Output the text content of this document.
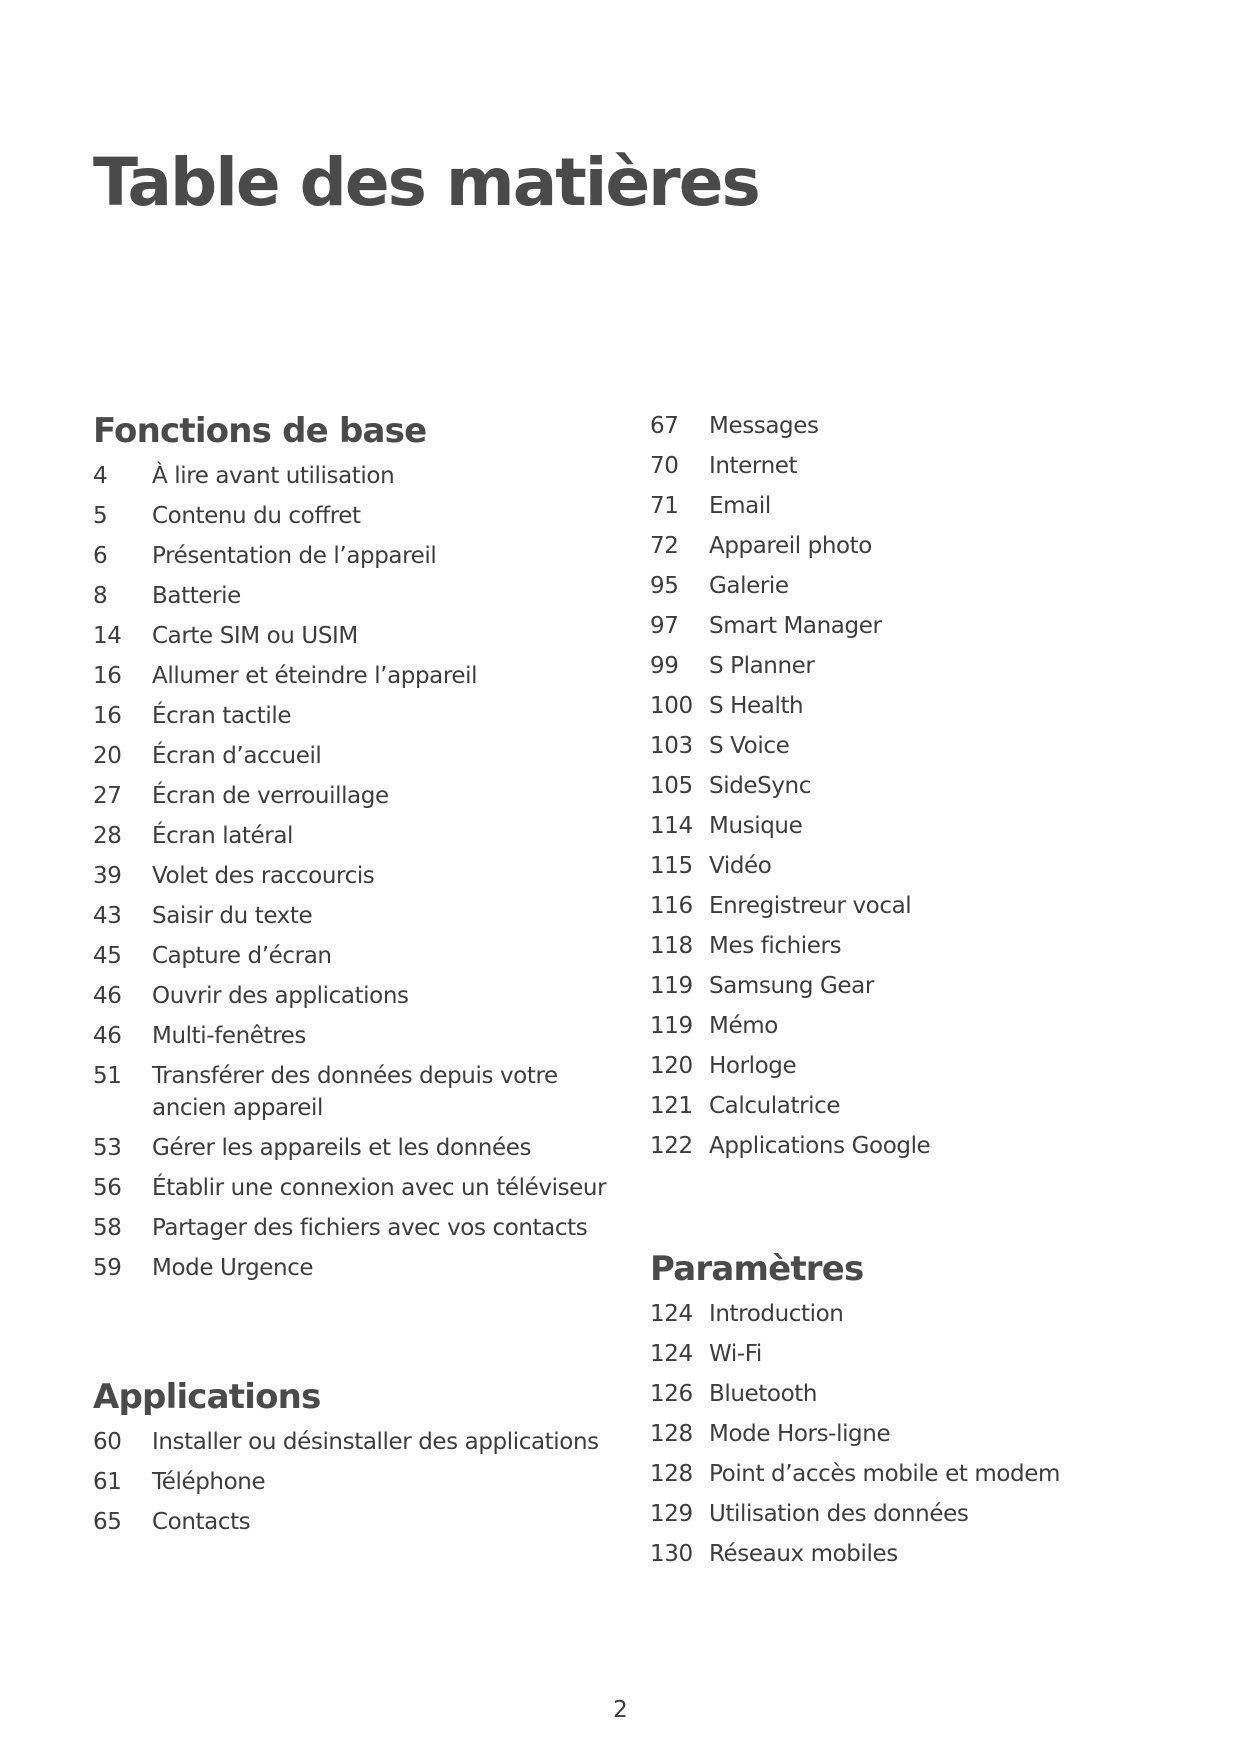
Table des matières
Fonctions de base
4	À lire avant utilisation
5	Contenu du coffret
6	Présentation de l’appareil
8	Batterie
14	Carte SIM ou USIM
16	Allumer et éteindre l’appareil
16	Écran tactile
20	Écran d’accueil
27	Écran de verrouillage
28	Écran latéral
39	Volet des raccourcis
43	Saisir du texte
45	Capture d’écran
46	Ouvrir des applications
46	Multi-fenêtres
51	Transférer des données depuis votre ancien appareil
53	Gérer les appareils et les données
56	Établir une connexion avec un téléviseur
58	Partager des fichiers avec vos contacts
59	Mode Urgence
Applications
60	Installer ou désinstaller des applications
61	Téléphone
65	Contacts
67	Messages
70	Internet
71	Email
72	Appareil photo
95	Galerie
97	Smart Manager
99	S Planner
100 S Health
103 S Voice
105 SideSync
114 Musique
115 Vidéo
116 Enregistreur vocal
118 Mes fichiers
119 Samsung Gear
119 Mémo
120 Horloge
121 Calculatrice
122 Applications Google
Paramètres
124 Introduction
124 Wi-Fi
126 Bluetooth
128 Mode Hors-ligne
128 Point d’accès mobile et modem
129 Utilisation des données
130 Réseaux mobiles
2
